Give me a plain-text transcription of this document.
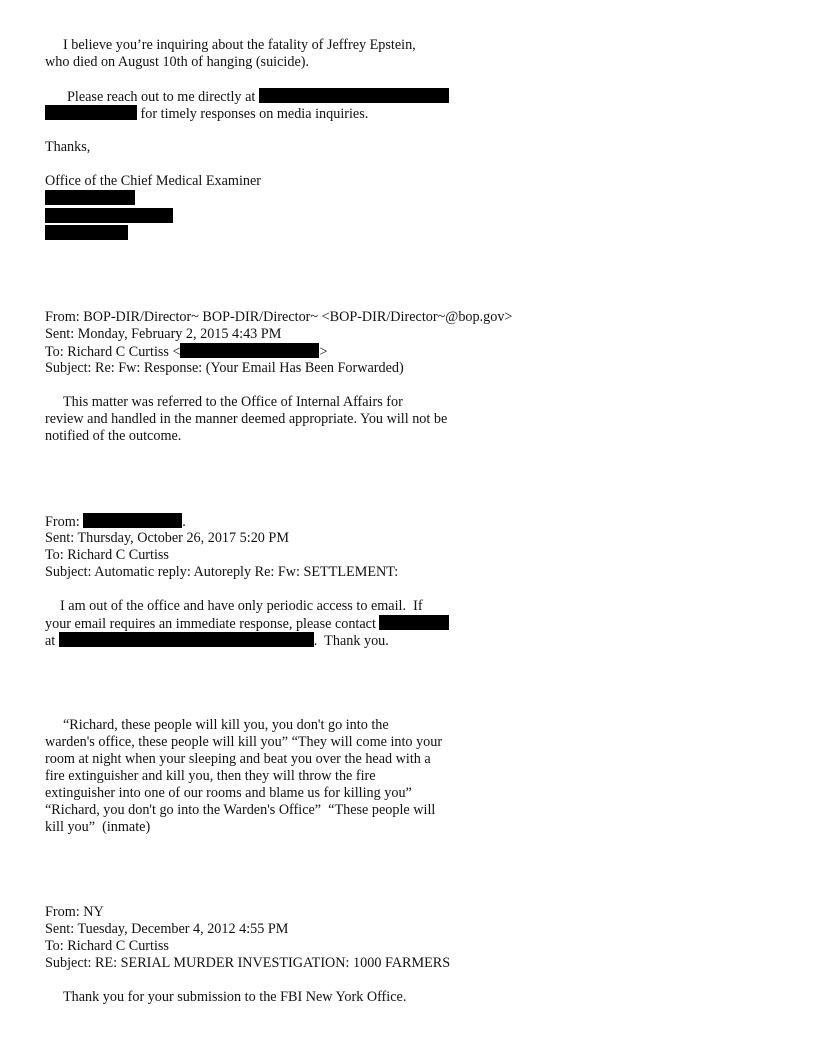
I believe you’re inquiring about the fatality of Jeffrey Epstein,
who died on August 10th of hanging (suicide).
Please reach out to me directly at
for timely responses on media inquiries.
Thanks,
Office of the Chief Medical Examiner
From: BOP-DIR/Director~ BOP-DIR/Director~ <BOP-DIR/Director~@bop.gov>
Sent: Monday, February 2, 2015 4:43 PM
To: Richard C Curtiss <	>
Subject: Re: Fw: Response: (Your Email Has Been Forwarded)
This matter was referred to the Office of Internal Affairs for
review and handled in the manner deemed appropriate. You will not be
notified of the outcome.
From:	.
Sent: Thursday, October 26, 2017 5:20 PM
To: Richard C Curtiss
Subject: Automatic reply: Autoreply Re: Fw: SETTLEMENT:
I am out of the office and have only periodic access to email.  If
your email requires an immediate response, please contact
at	.  Thank you.
“Richard, these people will kill you, you don't go into the
warden's office, these people will kill you” “They will come into your
room at night when your sleeping and beat you over the head with a
fire extinguisher and kill you, then they will throw the fire
extinguisher into one of our rooms and blame us for killing you”
“Richard, you don't go into the Warden's Office”  “These people will
kill you”  (inmate)
From: NY
Sent: Tuesday, December 4, 2012 4:55 PM
To: Richard C Curtiss
Subject: RE: SERIAL MURDER INVESTIGATION: 1000 FARMERS
Thank you for your submission to the FBI New York Office.
